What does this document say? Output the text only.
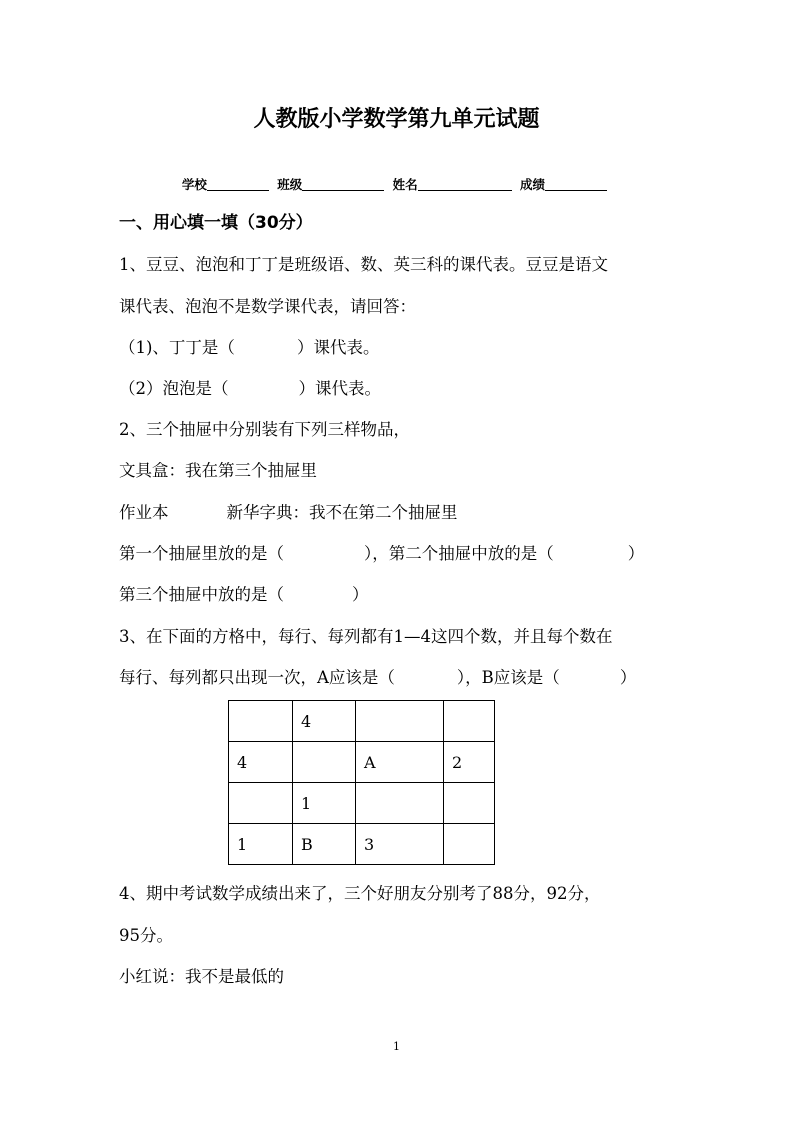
人教版小学数学第九单元试题
学校	班级	姓名	成绩
一、用心填一填（30分）
1、豆豆、泡泡和丁丁是班级语、数、英三科的课代表。豆豆是语文
课代表、泡泡不是数学课代表，请回答：
（1)、丁丁是（	）课代表。
（2）泡泡是（	）课代表。
2、三个抽屉中分别装有下列三样物品，
文具盒：我在第三个抽屉里
作业本	新华字典：我不在第二个抽屉里
第一个抽屉里放的是（	），第二个抽屉中放的是（	）
第三个抽屉中放的是（	）
3、在下面的方格中，每行、每列都有1—4这四个数，并且每个数在
每行、每列都只出现一次，A应该是（	），B应该是（	）
	4		
4		A	2
	1		
1	B	3	
4、期中考试数学成绩出来了，三个好朋友分别考了88分，92分，
95分。
小红说：我不是最低的
1
